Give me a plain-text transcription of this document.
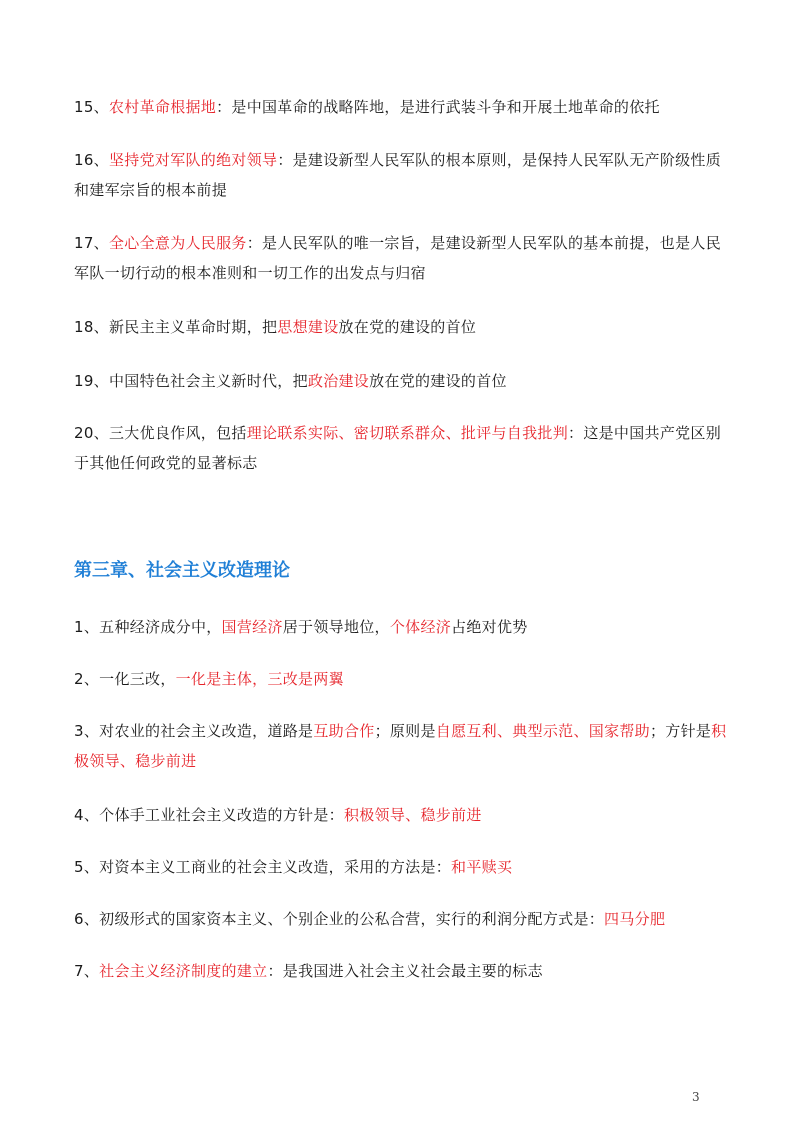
15、农村革命根据地：是中国革命的战略阵地，是进行武装斗争和开展土地革命的依托
16、坚持党对军队的绝对领导：是建设新型人民军队的根本原则，是保持人民军队无产阶级性质和建军宗旨的根本前提
17、全心全意为人民服务：是人民军队的唯一宗旨，是建设新型人民军队的基本前提，也是人民军队一切行动的根本准则和一切工作的出发点与归宿
18、新民主主义革命时期，把思想建设放在党的建设的首位
19、中国特色社会主义新时代，把政治建设放在党的建设的首位
20、三大优良作风，包括理论联系实际、密切联系群众、批评与自我批判：这是中国共产党区别于其他任何政党的显著标志
第三章、社会主义改造理论
1、五种经济成分中，国营经济居于领导地位，个体经济占绝对优势
2、一化三改，一化是主体，三改是两翼
3、对农业的社会主义改造，道路是互助合作；原则是自愿互利、典型示范、国家帮助；方针是积极领导、稳步前进
4、个体手工业社会主义改造的方针是：积极领导、稳步前进
5、对资本主义工商业的社会主义改造，采用的方法是：和平赎买
6、初级形式的国家资本主义、个别企业的公私合营，实行的利润分配方式是：四马分肥
7、社会主义经济制度的建立：是我国进入社会主义社会最主要的标志
3
